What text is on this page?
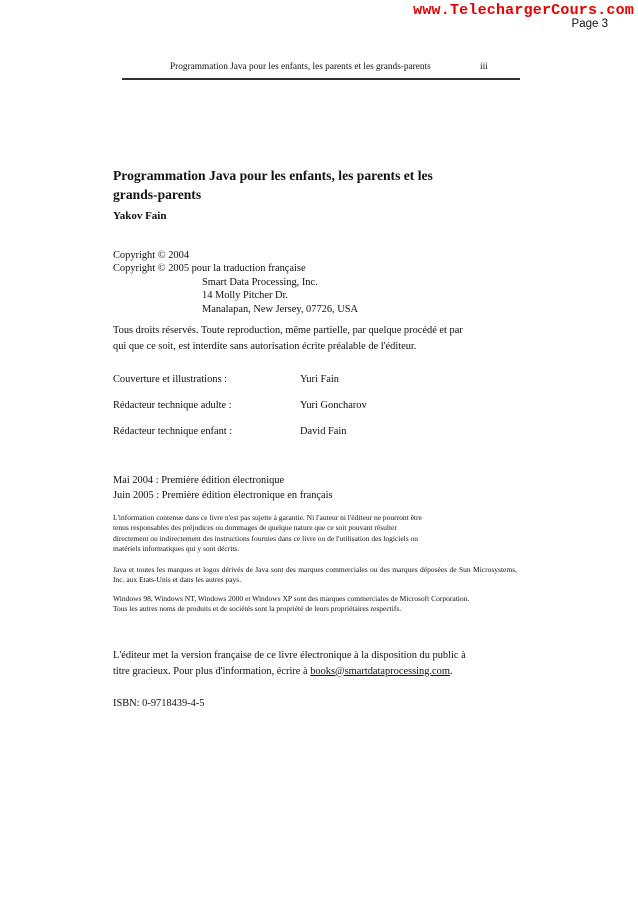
www.TelechargerCours.com
Page 3
Programmation Java pour les enfants, les parents et les grands-parents	iii
Programmation Java pour les enfants, les parents et les
grands-parents
Yakov Fain
Copyright © 2004
Copyright © 2005 pour la traduction française
Smart Data Processing, Inc.
14 Molly Pitcher Dr.
Manalapan, New Jersey, 07726, USA
Tous droits réservés. Toute reproduction, même partielle, par quelque procédé et par
qui que ce soit, est interdite sans autorisation écrite préalable de l'éditeur.
Couverture et illustrations :	Yuri Fain
Rédacteur technique adulte :	Yuri Goncharov
Rédacteur technique enfant :	David Fain
Mai 2004 : Première édition électronique
Juin 2005 : Première édition électronique en français
L'information contenue dans ce livre n'est pas sujette à garantie. Ni l'auteur ni l'éditeur ne pourront être
tenus responsables des préjudices ou dommages de quelque nature que ce soit pouvant résulter
directement ou indirectement des instructions fournies dans ce livre ou de l'utilisation des logiciels ou
matériels informatiques qui y sont décrits.
Java et toutes les marques et logos dérivés de Java sont des marques commerciales ou des marques déposées de Sun Microsystems, Inc. aux Etats-Unis et dans les autres pays.
Windows 98, Windows NT, Windows 2000 et Windows XP sont des marques commerciales de Microsoft Corporation.
Tous les autres noms de produits et de sociétés sont la propriété de leurs propriétaires respectifs.
L'éditeur met la version française de ce livre électronique à la disposition du public à
titre gracieux. Pour plus d'information, écrire à books@smartdataprocessing.com.
ISBN: 0-9718439-4-5
